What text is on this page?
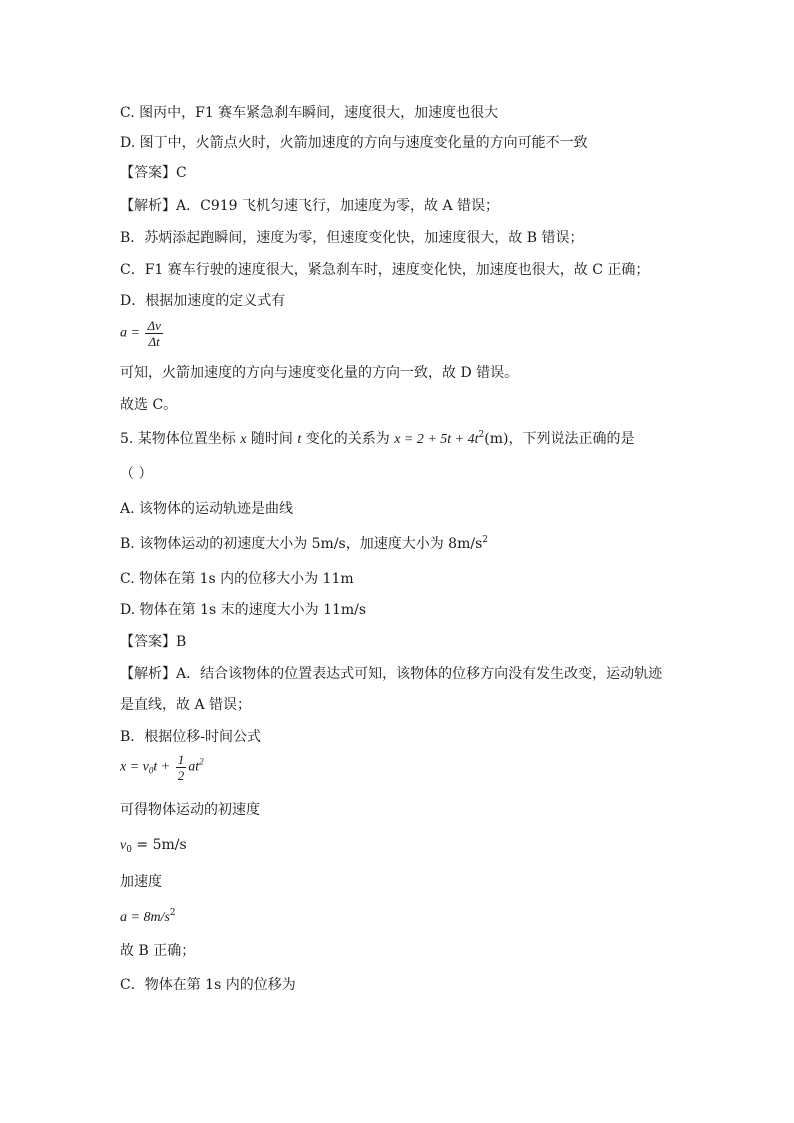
C. 图丙中，F1 赛车紧急刹车瞬间，速度很大，加速度也很大
D. 图丁中，火箭点火时，火箭加速度的方向与速度变化量的方向可能不一致
【答案】C
【解析】A．C919 飞机匀速飞行，加速度为零，故 A 错误；
B．苏炳添起跑瞬间，速度为零，但速度变化快，加速度很大，故 B 错误；
C．F1 赛车行驶的速度很大，紧急刹车时，速度变化快，加速度也很大，故 C 正确；
D．根据加速度的定义式有
$a = \frac{\Delta v}{\Delta t}$
可知，火箭加速度的方向与速度变化量的方向一致，故 D 错误。
故选 C。
5. 某物体位置坐标 x 随时间 t 变化的关系为 $x = 2 + 5t + 4t^2(m)$，下列说法正确的是
（ ）
A. 该物体的运动轨迹是曲线
B. 该物体运动的初速度大小为 5m/s，加速度大小为 $8m/s^2$
C. 物体在第 1s 内的位移大小为 11m
D. 物体在第 1s 末的速度大小为 11m/s
【答案】B
【解析】A．结合该物体的位置表达式可知，该物体的位移方向没有发生改变，运动轨迹
是直线，故 A 错误；
B．根据位移-时间公式
$x = v_0t + \frac{1}{2} at^2$
可得物体运动的初速度
$v_0 = 5m/s$
加速度
$a = 8m/s^2$
故 B 正确；
C．物体在第 1s 内的位移为
